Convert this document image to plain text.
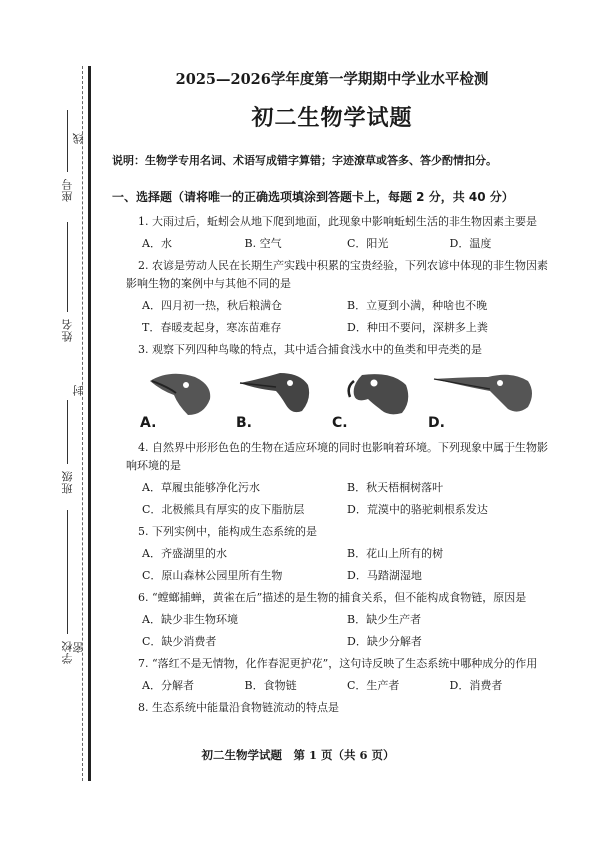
座号
姓名
班级
学校
线
封
密
2025—2026学年度第一学期期中学业水平检测
初二生物学试题
说明：生物学专用名词、术语写成错字算错；字迹潦草或答多、答少酌情扣分。
一、选择题（请将唯一的正确选项填涂到答题卡上，每题 2 分，共 40 分）
1. 大雨过后，蚯蚓会从地下爬到地面，此现象中影响蚯蚓生活的非生物因素主要是
A．水	B. 空气	C．阳光	D．温度
2. 农谚是劳动人民在长期生产实践中积累的宝贵经验，下列农谚中体现的非生物因素影响生物的案例中与其他不同的是
A．四月初一热，秋后粮满仓	B．立夏到小满，种啥也不晚
T．春暖麦起身，寒冻苗难存	D．种田不要问，深耕多上粪
3. 观察下列四种鸟喙的特点，其中适合捕食浅水中的鱼类和甲壳类的是
A.	B.	C.	D.
4. 自然界中形形色色的生物在适应环境的同时也影响着环境。下列现象中属于生物影响环境的是
A．草履虫能够净化污水	B．秋天梧桐树落叶
C．北极熊具有厚实的皮下脂肪层	D．荒漠中的骆驼刺根系发达
5. 下列实例中，能构成生态系统的是
A．齐盛湖里的水	B．花山上所有的树
C．原山森林公园里所有生物	D．马踏湖湿地
6. “螳螂捕蝉，黄雀在后”描述的是生物的捕食关系，但不能构成食物链，原因是
A．缺少非生物环境	B．缺少生产者
C．缺少消费者	D．缺少分解者
7. “落红不是无情物，化作春泥更护花”，这句诗反映了生态系统中哪种成分的作用
A．分解者	B．食物链	C．生产者	D．消费者
8. 生态系统中能量沿食物链流动的特点是
初二生物学试题　第 1 页（共 6 页）
